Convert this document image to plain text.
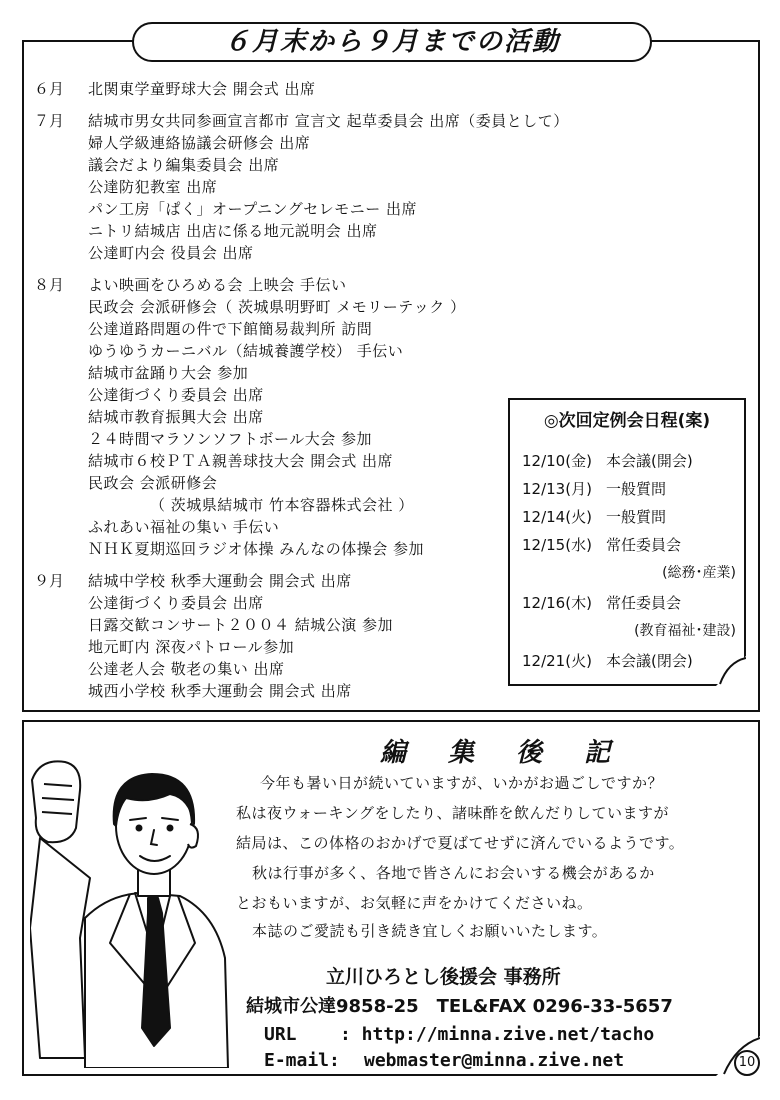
６月末から９月までの活動
６月 北関東学童野球大会 開会式 出席
７月 結城市男女共同参画宣言都市 宣言文 起草委員会 出席（委員として）
婦人学級連絡協議会研修会 出席
議会だより編集委員会 出席
公達防犯教室 出席
パン工房「ぱく」オープニングセレモニー 出席
ニトリ結城店 出店に係る地元説明会 出席
公達町内会 役員会 出席
８月 よい映画をひろめる会 上映会 手伝い
民政会 会派研修会（ 茨城県明野町 メモリーテック ）
公達道路問題の件で下館簡易裁判所 訪問
ゆうゆうカーニバル（結城養護学校） 手伝い
結城市盆踊り大会 参加
公達街づくり委員会 出席
結城市教育振興大会 出席
２４時間マラソンソフトボール大会 参加
結城市６校ＰＴＡ親善球技大会 開会式 出席
民政会 会派研修会
（ 茨城県結城市 竹本容器株式会社 ）
ふれあい福祉の集い 手伝い
ＮＨＫ夏期巡回ラジオ体操 みんなの体操会 参加
９月 結城中学校 秋季大運動会 開会式 出席
公達街づくり委員会 出席
日露交歓コンサート２００４ 結城公演 参加
地元町内 深夜パトロール参加
公達老人会 敬老の集い 出席
城西小学校 秋季大運動会 開会式 出席
◎次回定例会日程(案)
12/10(金) 本会議(開会)
12/13(月) 一般質問
12/14(火) 一般質問
12/15(水) 常任委員会
(総務･産業)
12/16(木) 常任委員会
(教育福祉･建設)
12/21(火) 本会議(閉会)
編集後記
今年も暑い日が続いていますが、いかがお過ごしですか？
私は夜ウォーキングをしたり、諸味酢を飲んだりしていますが
結局は、この体格のおかげで夏ばてせずに済んでいるようです。
秋は行事が多く、各地で皆さんにお会いする機会があるか
とおもいますが、お気軽に声をかけてくださいね。
本誌のご愛読も引き続き宜しくお願いいたします。
立川ひろとし後援会 事務所
結城市公達9858-25　TEL&FAX 0296-33-5657
URL : http://minna.zive.net/tacho
E-mail: webmaster@minna.zive.net	10
